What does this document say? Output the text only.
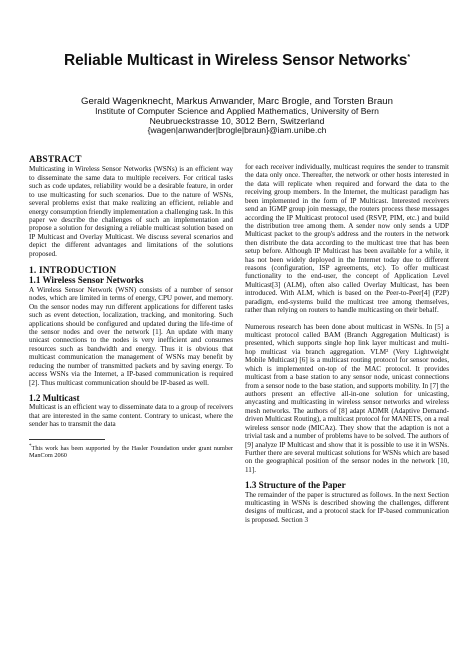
Reliable Multicast in Wireless Sensor Networks*
Gerald Wagenknecht, Markus Anwander, Marc Brogle, and Torsten Braun
Institute of Computer Science and Applied Mathematics, University of Bern
Neubrueckstrasse 10, 3012 Bern, Switzerland
{wagen|anwander|brogle|braun}@iam.unibe.ch
ABSTRACT

Multicasting in Wireless Sensor Networks (WSNs) is an efficient way to disseminate the same data to multiple receivers. For critical tasks such as code updates, reliability would be a desirable feature, in order to use multicasting for such scenarios. Due to the nature of WSNs, several problems exist that make realizing an efficient, reliable and energy consumption friendly implementation a challenging task. In this paper we describe the challenges of such an implementation and propose a solution for designing a reliable multicast solution based on IP Multicast and Overlay Multicast. We discuss several scenarios and depict the different advantages and limitations of the solutions proposed.

1. INTRODUCTION
1.1 Wireless Sensor Networks

A Wireless Sensor Network (WSN) consists of a number of sensor nodes, which are limited in terms of energy, CPU power, and memory. On the sensor nodes may run different applications for different tasks such as event detection, localization, tracking, and monitoring. Such applications should be configured and updated during the life-time of the sensor nodes and over the network [1]. An update with many unicast connections to the nodes is very inefficient and consumes resources such as bandwidth and energy. Thus it is obvious that multicast communication the management of WSNs may benefit by reducing the number of transmitted packets and by saving energy. To access WSNs via the Internet, a IP-based communication is required [2]. Thus multicast communication should be IP-based as well.

1.2 Multicast

Multicast is an efficient way to disseminate data to a group of receivers that are interested in the same content. Contrary to unicast, where the sender has to transmit the data

*This work has been supported by the Hasler Foundation under grant number ManCom 2060

for each receiver individually, multicast requires the sender to transmit the data only once. Thereafter, the network or other hosts interested in the data will replicate when required and forward the data to the receiving group members. In the Internet, the multicast paradigm has been implemented in the form of IP Multicast. Interested receivers send an IGMP group join message, the routers process these messages according the IP Multicast protocol used (RSVP, PIM, etc.) and build the distribution tree among them. A sender now only sends a UDP Multicast packet to the group's address and the routers in the network then distribute the data according to the multicast tree that has been setup before. Although IP Multicast has been available for a while, it has not been widely deployed in the Internet today due to different reasons (configuration, ISP agreements, etc). To offer multicast functionality to the end-user, the concept of Application Level Multicast[3] (ALM), often also called Overlay Multicast, has been introduced. With ALM, which is based on the Peer-to-Peer[4] (P2P) paradigm, end-systems build the multicast tree among themselves, rather than relying on routers to handle multicasting on their behalf.

Numerous research has been done about multicast in WSNs. In [5] a multicast protocol called BAM (Branch Aggregation Multicast) is presented, which supports single hop link layer multicast and multi-hop multicast via branch aggregation. VLM² (Very Lightweight Mobile Multicast) [6] is a multicast routing protocol for sensor nodes, which is implemented on-top of the MAC protocol. It provides multicast from a base station to any sensor node, unicast connections from a sensor node to the base station, and supports mobility. In [7] the authors present an effective all-in-one solution for unicasting, anycasting and multicasting in wireless sensor networks and wireless mesh networks. The authors of [8] adapt ADMR (Adaptive Demand-driven Multicast Routing), a multicast protocol for MANETS, on a real wireless sensor node (MICAz). They show that the adaption is not a trivial task and a number of problems have to be solved. The authors of [9] analyze IP Multicast and show that it is possible to use it in WSNs. Further there are several multicast solutions for WSNs which are based on the geographical position of the sensor nodes in the network [10, 11].

1.3 Structure of the Paper

The remainder of the paper is structured as follows. In the next Section multicasting in WSNs is described showing the challenges, different designs of multicast, and a protocol stack for IP-based communication is proposed. Section 3
